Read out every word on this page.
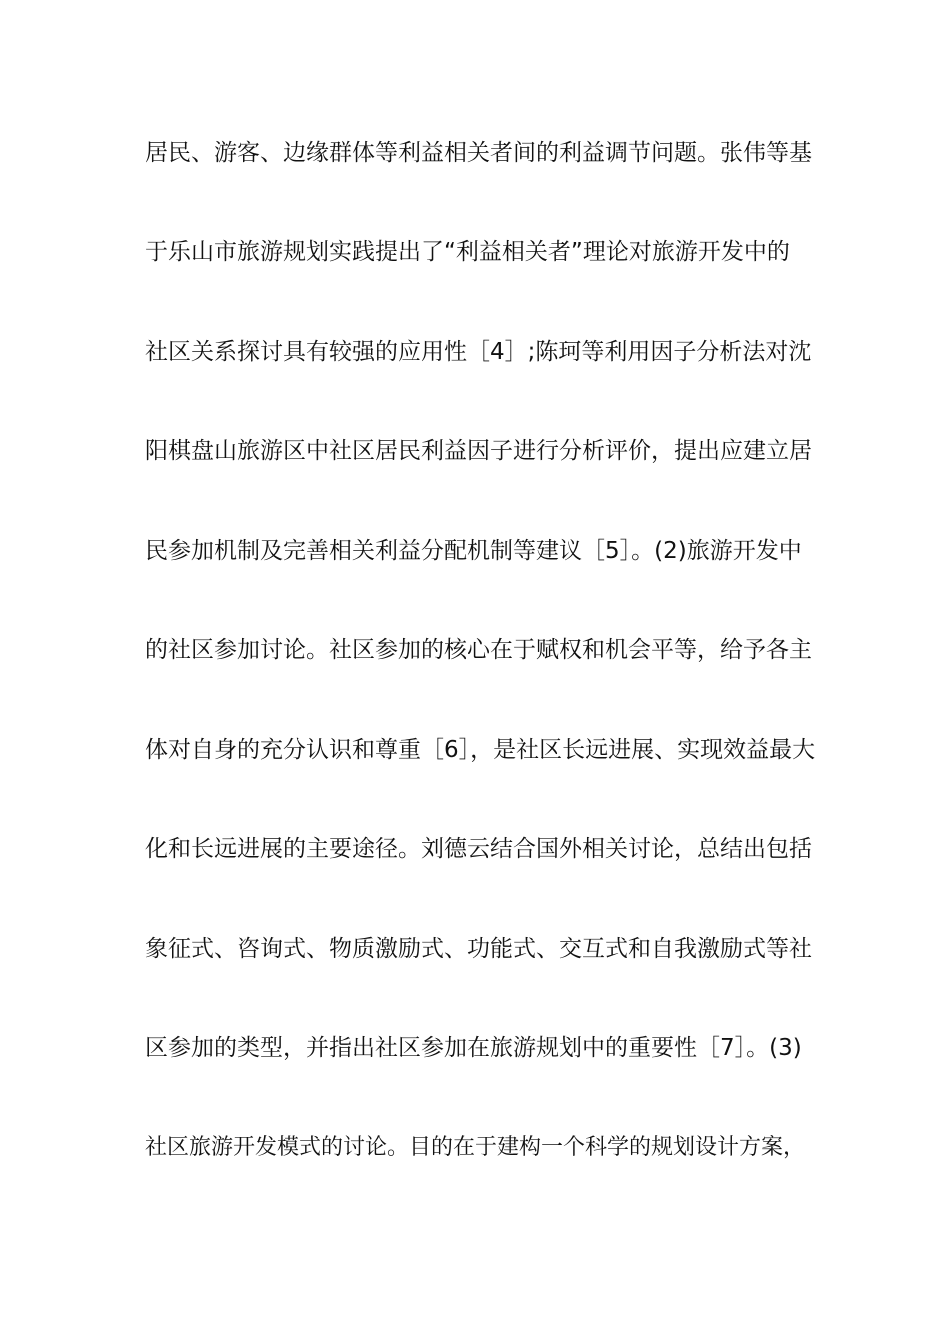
居民、游客、边缘群体等利益相关者间的利益调节问题。张伟等基
于乐山市旅游规划实践提出了“利益相关者”理论对旅游开发中的
社区关系探讨具有较强的应用性［4］;陈珂等利用因子分析法对沈
阳棋盘山旅游区中社区居民利益因子进行分析评价，提出应建立居
民参加机制及完善相关利益分配机制等建议［5］。(2)旅游开发中
的社区参加讨论。社区参加的核心在于赋权和机会平等，给予各主
体对自身的充分认识和尊重［6］，是社区长远进展、实现效益最大
化和长远进展的主要途径。刘德云结合国外相关讨论，总结出包括
象征式、咨询式、物质激励式、功能式、交互式和自我激励式等社
区参加的类型，并指出社区参加在旅游规划中的重要性［7］。(3)
社区旅游开发模式的讨论。目的在于建构一个科学的规划设计方案，
